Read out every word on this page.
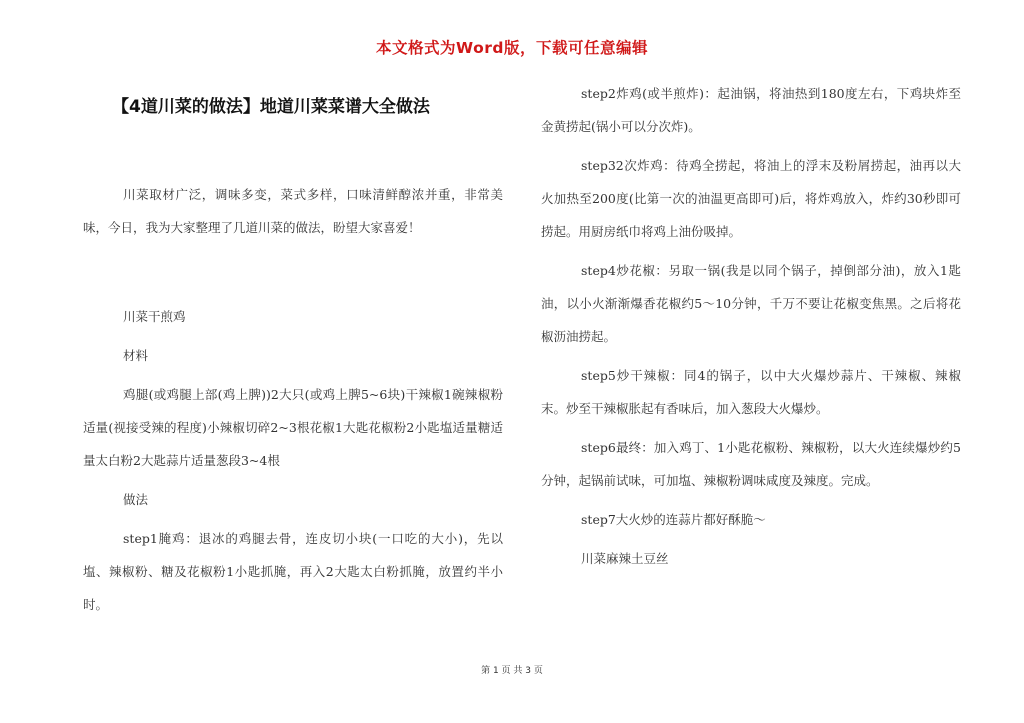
本文格式为Word版，下载可任意编辑
【4道川菜的做法】地道川菜菜谱大全做法

川菜取材广泛，调味多变，菜式多样，口味清鲜醇浓并重，非常美味，今日，我为大家整理了几道川菜的做法，盼望大家喜爱！

川菜干煎鸡

材料

鸡腿(或鸡腿上部(鸡上脾))2大只(或鸡上脾5~6块)干辣椒1碗辣椒粉适量(视接受辣的程度)小辣椒切碎2~3根花椒1大匙花椒粉2小匙塩适量糖适量太白粉2大匙蒜片适量葱段3~4根

做法

step1腌鸡：退冰的鸡腿去骨，连皮切小块(一口吃的大小)，先以塩、辣椒粉、糖及花椒粉1小匙抓腌，再入2大匙太白粉抓腌，放置约半小时。

step2炸鸡(或半煎炸)：起油锅，将油热到180度左右，下鸡块炸至金黄捞起(锅小可以分次炸)。

step32次炸鸡：待鸡全捞起，将油上的浮末及粉屑捞起，油再以大火加热至200度(比第一次的油温更高即可)后，将炸鸡放入，炸约30秒即可捞起。用厨房纸巾将鸡上油份吸掉。

step4炒花椒：另取一锅(我是以同个锅子，掉倒部分油)，放入1匙油，以小火渐渐爆香花椒约5～10分钟，千万不要让花椒变焦黑。之后将花椒沥油捞起。

step5炒干辣椒：同4的锅子，以中大火爆炒蒜片、干辣椒、辣椒末。炒至干辣椒胀起有香味后，加入葱段大火爆炒。

step6最终：加入鸡丁、1小匙花椒粉、辣椒粉，以大火连续爆炒约5分钟，起锅前试味，可加塩、辣椒粉调味咸度及辣度。完成。

step7大火炒的连蒜片都好酥脆～

川菜麻辣土豆丝

第 1 页 共 3 页
